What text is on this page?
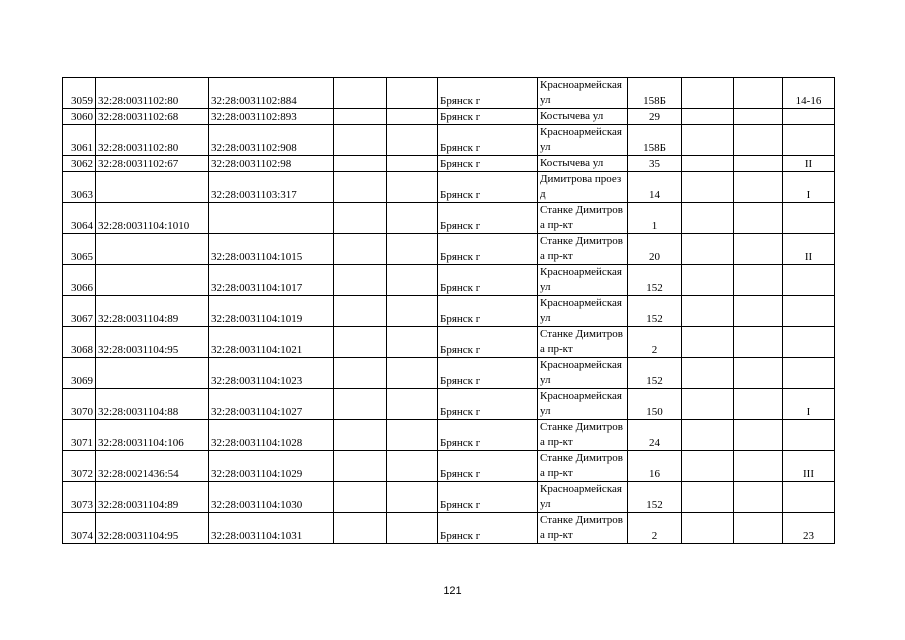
3059	32:28:0031102:80	32:28:0031102:884			Брянск г	Красноармейская ул	158Б			14-16
3060	32:28:0031102:68	32:28:0031102:893			Брянск г	Костычева ул	29			
3061	32:28:0031102:80	32:28:0031102:908			Брянск г	Красноармейская ул	158Б			
3062	32:28:0031102:67	32:28:0031102:98			Брянск г	Костычева ул	35			II
3063		32:28:0031103:317			Брянск г	Димитрова проезд	14			I
3064	32:28:0031104:1010				Брянск г	Станке Димитрова пр-кт	1			
3065		32:28:0031104:1015			Брянск г	Станке Димитрова пр-кт	20			II
3066		32:28:0031104:1017			Брянск г	Красноармейская ул	152			
3067	32:28:0031104:89	32:28:0031104:1019			Брянск г	Красноармейская ул	152			
3068	32:28:0031104:95	32:28:0031104:1021			Брянск г	Станке Димитрова пр-кт	2			
3069		32:28:0031104:1023			Брянск г	Красноармейская ул	152			
3070	32:28:0031104:88	32:28:0031104:1027			Брянск г	Красноармейская ул	150			I
3071	32:28:0031104:106	32:28:0031104:1028			Брянск г	Станке Димитрова пр-кт	24			
3072	32:28:0021436:54	32:28:0031104:1029			Брянск г	Станке Димитрова пр-кт	16			III
3073	32:28:0031104:89	32:28:0031104:1030			Брянск г	Красноармейская ул	152			
3074	32:28:0031104:95	32:28:0031104:1031			Брянск г	Станке Димитрова пр-кт	2			23
121
